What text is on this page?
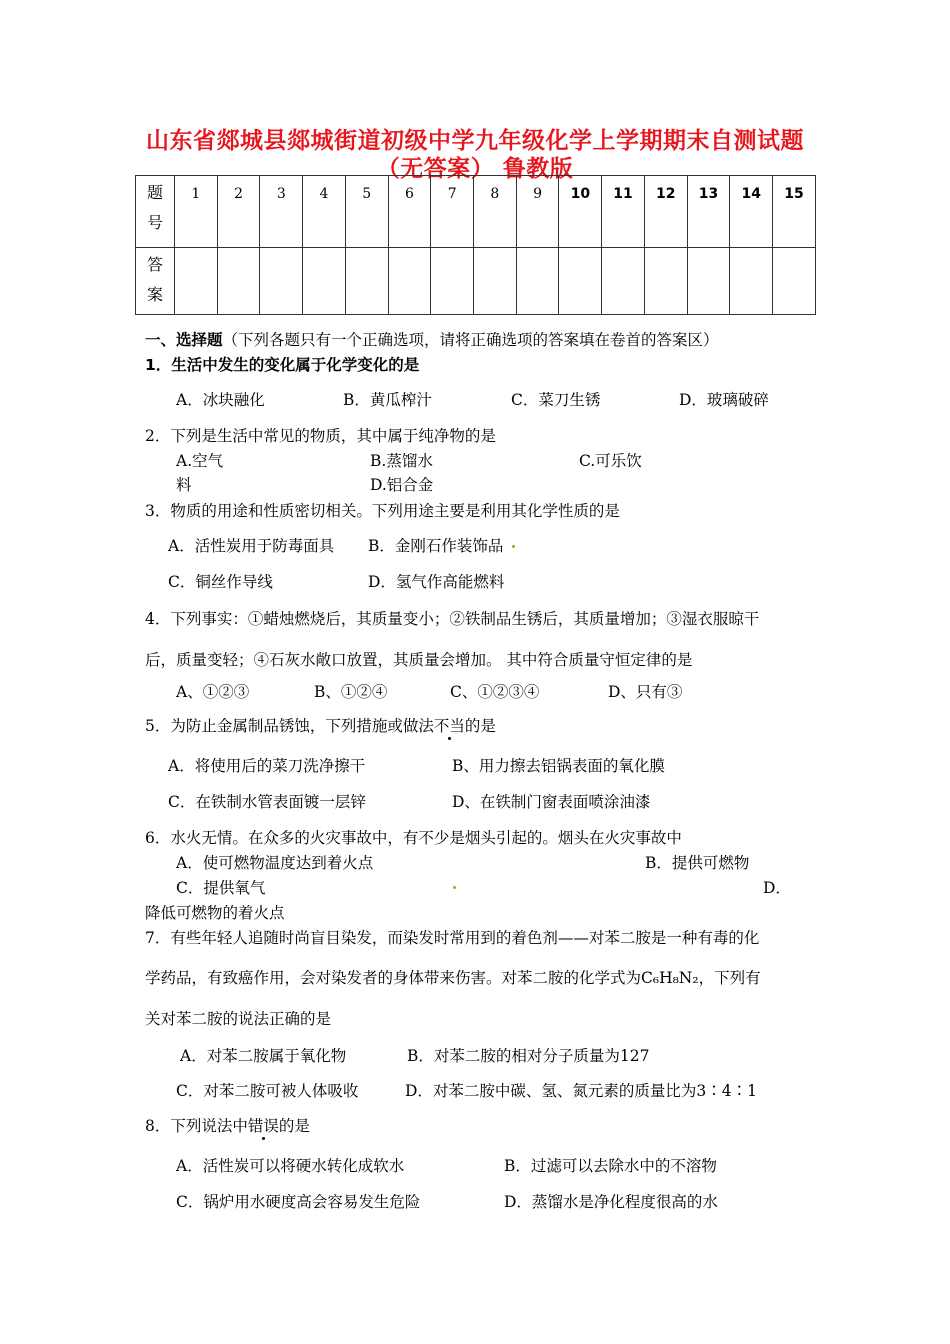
山东省郯城县郯城街道初级中学九年级化学上学期期末自测试题
（无答案） 鲁教版
题
号	1	2	3	4	5	6	7	8	9	10	11	12	13	14	15
答
案															
一、选择题（下列各题只有一个正确选项，请将正确选项的答案填在卷首的答案区）
1．生活中发生的变化属于化学变化的是
A．冰块融化	B．黄瓜榨汁	C．菜刀生锈	D．玻璃破碎
2．下列是生活中常见的物质，其中属于纯净物的是
A.空气	B.蒸馏水	C.可乐饮
料	D.铝合金
3．物质的用途和性质密切相关。下列用途主要是利用其化学性质的是
A．活性炭用于防毒面具 B．金刚石作装饰品
C．铜丝作导线	D．氢气作高能燃料
4．下列事实：①蜡烛燃烧后，其质量变小；②铁制品生锈后，其质量增加；③湿衣服晾干
后，质量变轻；④石灰水敞口放置，其质量会增加。 其中符合质量守恒定律的是
A、①②③	B、①②④	C、①②③④	D、只有③
5．为防止金属制品锈蚀，下列措施或做法不当的是
A．将使用后的菜刀洗净擦干	B、用力擦去铝锅表面的氧化膜
C．在铁制水管表面镀一层锌	D、在铁制门窗表面喷涂油漆
6．水火无情。在众多的火灾事故中，有不少是烟头引起的。烟头在火灾事故中
A．使可燃物温度达到着火点	B．提供可燃物
C．提供氧气	D．
降低可燃物的着火点
7．有些年轻人追随时尚盲目染发，而染发时常用到的着色剂——对苯二胺是一种有毒的化
学药品，有致癌作用，会对染发者的身体带来伤害。对苯二胺的化学式为C₆H₈N₂，下列有
关对苯二胺的说法正确的是
A．对苯二胺属于氧化物	B．对苯二胺的相对分子质量为127
C．对苯二胺可被人体吸收	D．对苯二胺中碳、氢、氮元素的质量比为3∶4∶1
8．下列说法中错误的是
A．活性炭可以将硬水转化成软水	B．过滤可以去除水中的不溶物
C．锅炉用水硬度高会容易发生危险	D．蒸馏水是净化程度很高的水
